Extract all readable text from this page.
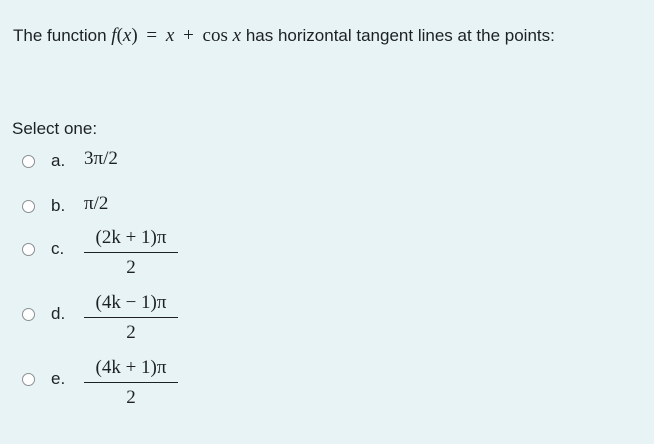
The function f(x) = x + cos x has horizontal tangent lines at the points:
Select one:
a. 3π/2
b. π/2
c.
(2k + 1)π
2
d.
(4k − 1)π
2
e.
(4k + 1)π
2
